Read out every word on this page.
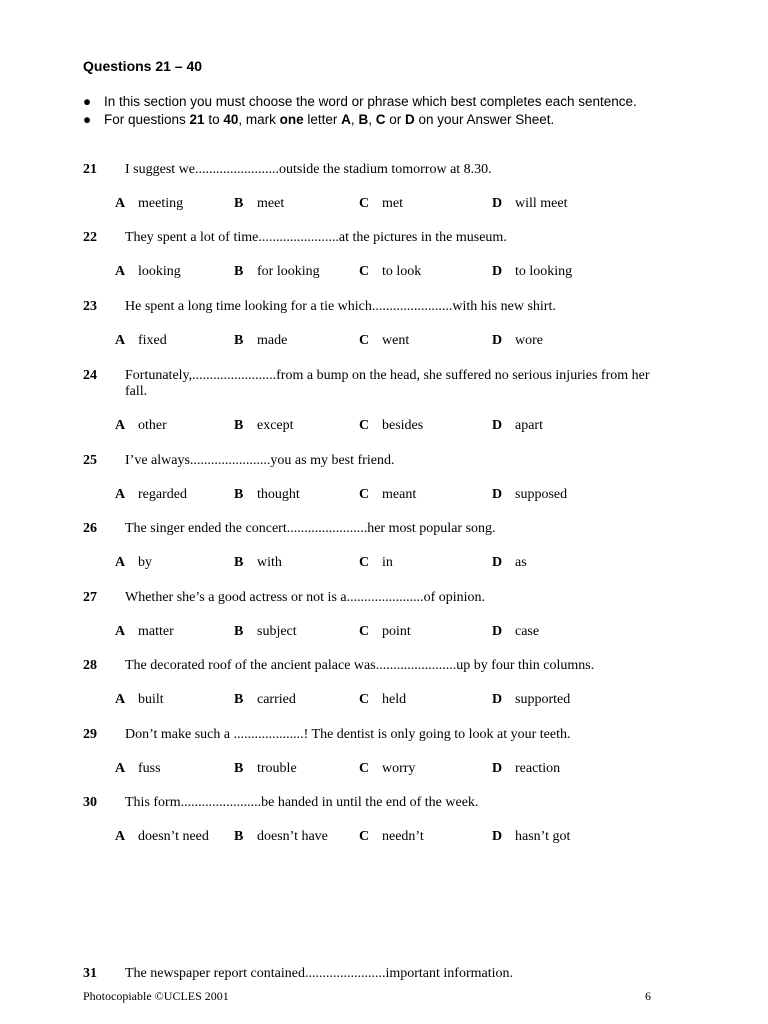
Questions 21 – 40
● In this section you must choose the word or phrase which best completes each sentence.
● For questions 21 to 40, mark one letter A, B, C or D on your Answer Sheet.
21 I suggest we........................outside the stadium tomorrow at 8.30.
A meeting	B meet	C met	D will meet
22 They spent a lot of time.......................at the pictures in the museum.
A looking	B for looking	C to look	D to looking
23 He spent a long time looking for a tie which.......................with his new shirt.
A fixed	B made	C went	D wore
24 Fortunately,........................from a bump on the head, she suffered no serious injuries from her fall.
A other	B except	C besides	D apart
25 I’ve always.......................you as my best friend.
A regarded	B thought	C meant	D supposed
26 The singer ended the concert.......................her most popular song.
A by	B with	C in	D as
27 Whether she’s a good actress or not is a......................of opinion.
A matter	B subject	C point	D case
28 The decorated roof of the ancient palace was.......................up by four thin columns.
A built	B carried	C held	D supported
29 Don’t make such a ....................! The dentist is only going to look at your teeth.
A fuss	B trouble	C worry	D reaction
30 This form.......................be handed in until the end of the week.
A doesn’t need B doesn’t have C needn’t	D hasn’t got
31 The newspaper report contained.......................important information.
Photocopiable ©UCLES 2001	6
